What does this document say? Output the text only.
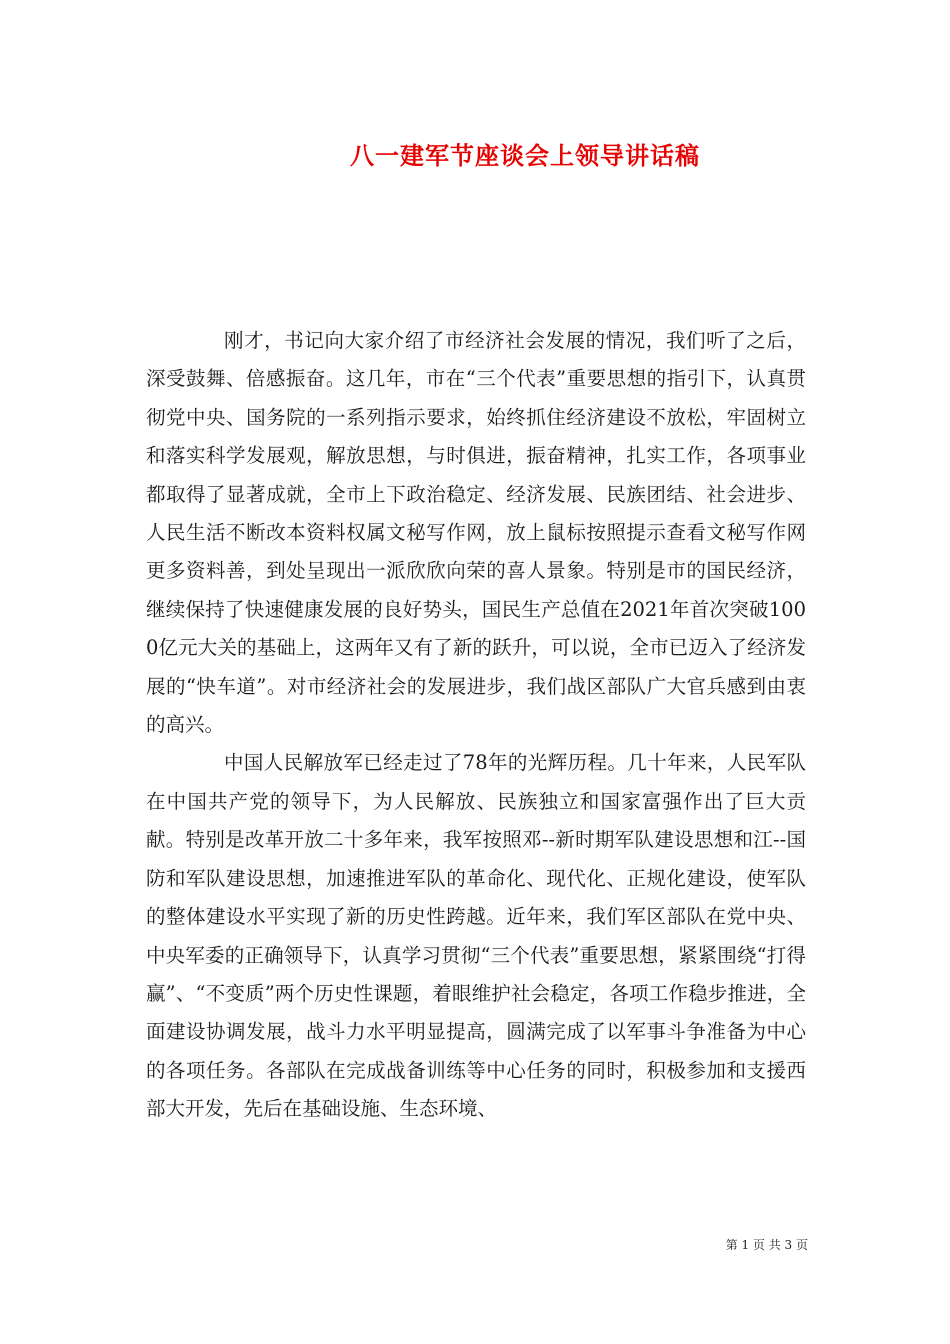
八一建军节座谈会上领导讲话稿

刚才，书记向大家介绍了市经济社会发展的情况，我们听了之后，深受鼓舞、倍感振奋。这几年，市在“三个代表”重要思想的指引下，认真贯彻党中央、国务院的一系列指示要求，始终抓住经济建设不放松，牢固树立和落实科学发展观，解放思想，与时俱进，振奋精神，扎实工作，各项事业都取得了显著成就，全市上下政治稳定、经济发展、民族团结、社会进步、人民生活不断改本资料权属文秘写作网，放上鼠标按照提示查看文秘写作网更多资料善，到处呈现出一派欣欣向荣的喜人景象。特别是市的国民经济，继续保持了快速健康发展的良好势头，国民生产总值在2021年首次突破1000亿元大关的基础上，这两年又有了新的跃升，可以说，全市已迈入了经济发展的“快车道”。对市经济社会的发展进步，我们战区部队广大官兵感到由衷的高兴。

中国人民解放军已经走过了78年的光辉历程。几十年来，人民军队在中国共产党的领导下，为人民解放、民族独立和国家富强作出了巨大贡献。特别是改革开放二十多年来，我军按照邓--新时期军队建设思想和江--国防和军队建设思想，加速推进军队的革命化、现代化、正规化建设，使军队的整体建设水平实现了新的历史性跨越。近年来，我们军区部队在党中央、中央军委的正确领导下，认真学习贯彻“三个代表”重要思想，紧紧围绕“打得赢”、“不变质”两个历史性课题，着眼维护社会稳定，各项工作稳步推进，全面建设协调发展，战斗力水平明显提高，圆满完成了以军事斗争准备为中心的各项任务。各部队在完成战备训练等中心任务的同时，积极参加和支援西部大开发，先后在基础设施、生态环境、

第 1 页 共 3 页
